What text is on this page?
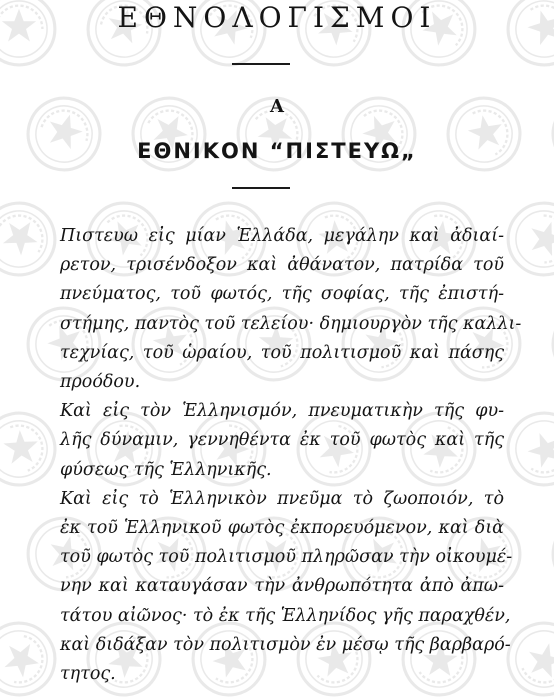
ΕΘΝΟΛΟΓΙΣΜΟΙ
Α
ΕΘΝΙΚΟΝ “ΠΙΣΤΕΥΩ„
Πιστευω εἰς μίαν Ἑλλάδα, μεγάλην καὶ ἀδιαί-
ρετον, τρισένδοξον καὶ ἀθάνατον, πατρίδα τοῦ
πνεύματος, τοῦ φωτός, τῆς σοφίας, τῆς ἐπιστή-
στήμης, παντὸς τοῦ τελείου· δημιουργὸν τῆς καλλι-
τεχνίας, τοῦ ὡραίου, τοῦ πολιτισμοῦ καὶ πάσης
προόδου.
Καὶ εἰς τὸν Ἑλληνισμόν, πνευματικὴν τῆς φυ-
λῆς δύναμιν, γεννηθέντα ἐκ τοῦ φωτὸς καὶ τῆς
φύσεως τῆς Ἑλληνικῆς.
Καὶ εἰς τὸ Ἑλληνικὸν πνεῦμα τὸ ζωοποιόν, τὸ
ἐκ τοῦ Ἑλληνικοῦ φωτὸς ἐκπορευόμενον, καὶ διὰ
τοῦ φωτὸς τοῦ πολιτισμοῦ πληρῶσαν τὴν οἰκουμέ-
νην καὶ καταυγάσαν τὴν ἀνθρωπότητα ἀπὸ ἀπω-
τάτου αἰῶνος· τὸ ἐκ τῆς Ἑλληνίδος γῆς παραχθέν,
καὶ διδάξαν τὸν πολιτισμὸν ἐν μέσῳ τῆς βαρβαρό-
τητος.
